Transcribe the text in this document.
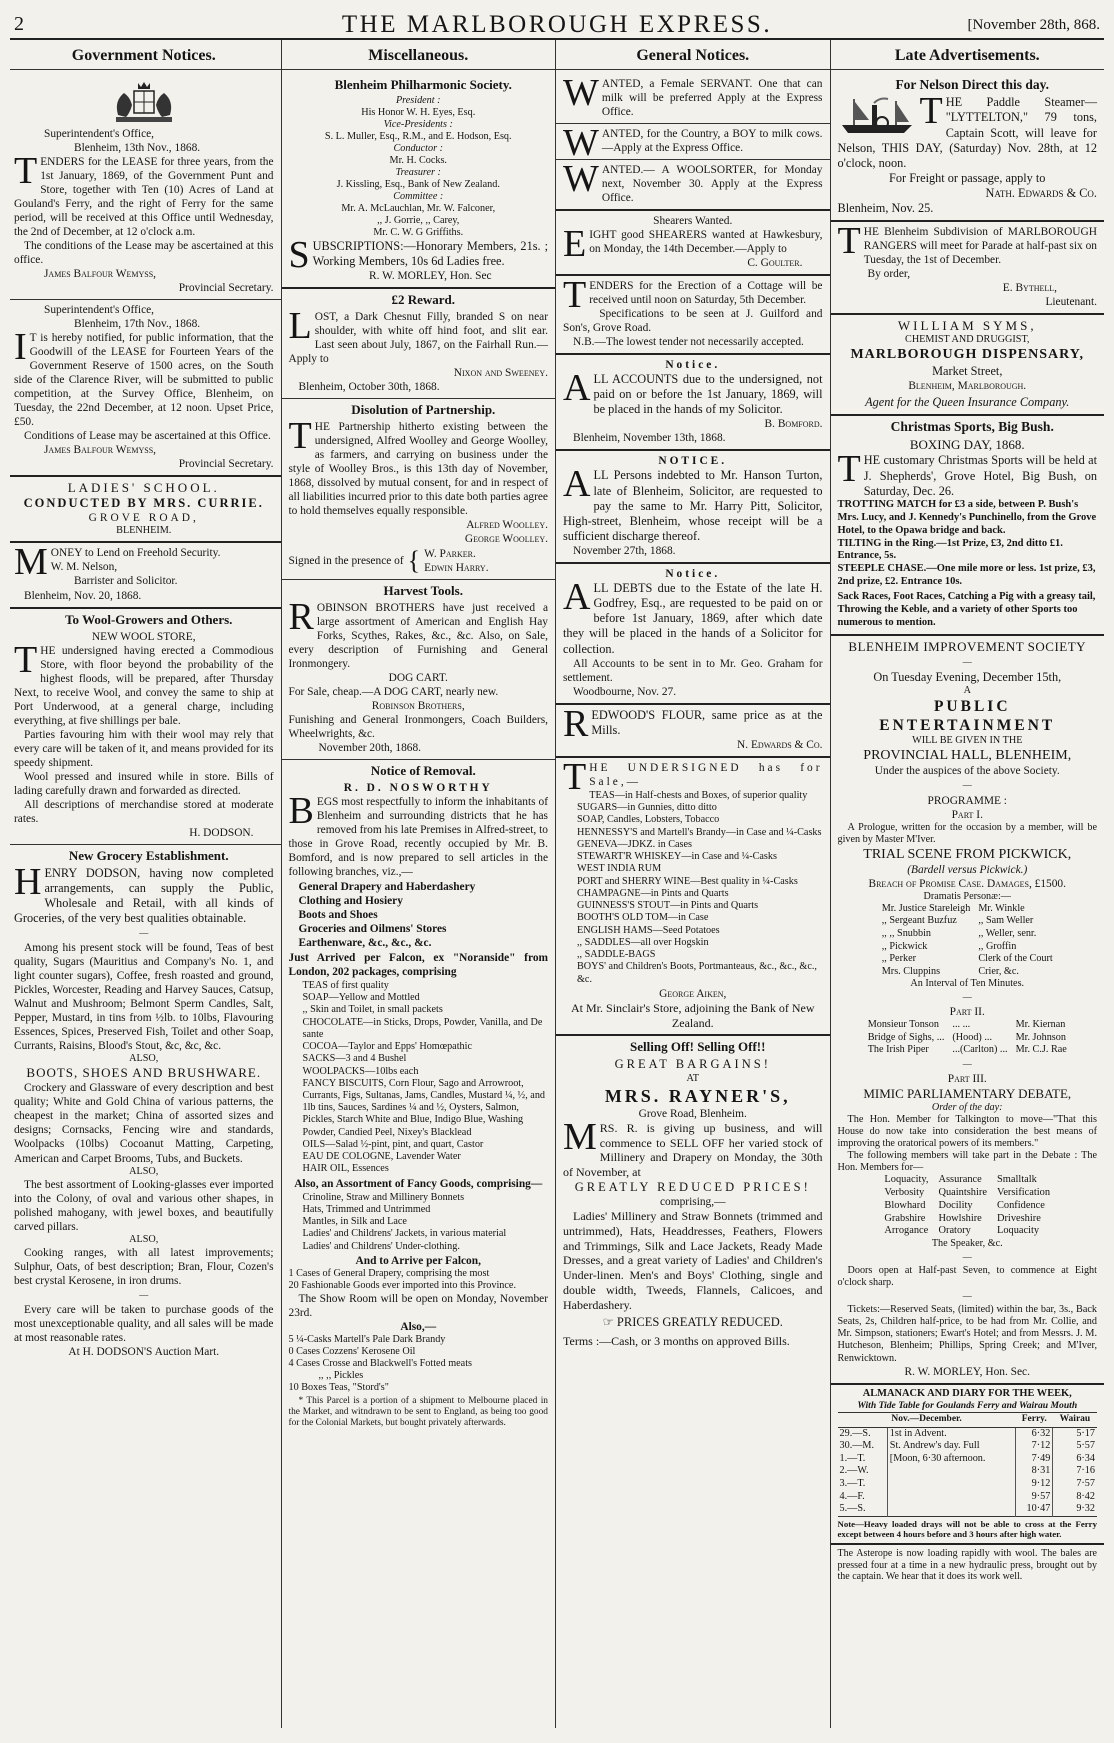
2	THE MARLBOROUGH EXPRESS.	[November 28th, 868.
Government Notices.

Superintendent's Office,

Blenheim, 13th Nov., 1868.

TENDERS for the LEASE for three years, from the 1st January, 1869, of the Government Punt and Store, together with Ten (10) Acres of Land at Gouland's Ferry, and the right of Ferry for the same period, will be received at this Office until Wednesday, the 2nd of December, at 12 o'clock a.m.

The conditions of the Lease may be ascertained at this office.

James Balfour Wemyss,

Provincial Secretary.

Superintendent's Office,

Blenheim, 17th Nov., 1868.

I T is hereby notified, for public information, that the Goodwill of the LEASE for Fourteen Years of the Government Reserve of 1500 acres, on the South side of the Clarence River, will be submitted to public competition, at the Survey Office, Blenheim, on Tuesday, the 22nd December, at 12 noon. Upset Price, £50.

Conditions of Lease may be ascertained at this Office.

James Balfour Wemyss,

Provincial Secretary.

LADIES' SCHOOL.

CONDUCTED BY MRS. CURRIE.

GROVE ROAD,

BLENHEIM.

MONEY to Lend on Freehold Security.

W. M. Nelson,

Barrister and Solicitor.

Blenheim, Nov. 20, 1868.

To Wool-Growers and Others.

NEW WOOL STORE,

THE undersigned having erected a Commodious Store, with floor beyond the probability of the highest floods, will be prepared, after Thursday Next, to receive Wool, and convey the same to ship at Port Underwood, at a general charge, including everything, at five shillings per bale.

Parties favouring him with their wool may rely that every care will be taken of it, and means provided for its speedy shipment.

Wool pressed and insured while in store. Bills of lading carefully drawn and forwarded as directed.

All descriptions of merchandise stored at moderate rates.

H. DODSON.

New Grocery Establishment.

HENRY DODSON, having now completed arrangements, can supply the Public, Wholesale and Retail, with all kinds of Groceries, of the very best qualities obtainable.

—

Among his present stock will be found, Teas of best quality, Sugars (Mauritius and Company's No. 1, and light counter sugars), Coffee, fresh roasted and ground, Pickles, Worcester, Reading and Harvey Sauces, Catsup, Walnut and Mushroom; Belmont Sperm Candles, Salt, Pepper, Mustard, in tins from ½lb. to 10lbs, Flavouring Essences, Spices, Preserved Fish, Toilet and other Soap, Currants, Raisins, Blood's Stout, &c, &c, &c.

ALSO,

BOOTS, SHOES AND BRUSHWARE.

Crockery and Glassware of every description and best quality; White and Gold China of various patterns, the cheapest in the market; China of assorted sizes and designs; Cornsacks, Fencing wire and standards, Woolpacks (10lbs) Cocoanut Matting, Carpeting, American and Carpet Brooms, Tubs, and Buckets.

ALSO,

The best assortment of Looking-glasses ever imported into the Colony, of oval and various other shapes, in polished mahogany, with jewel boxes, and beautifully carved pillars.

ALSO,

Cooking ranges, with all latest improvements; Sulphur, Oats, of best description; Bran, Flour, Cozen's best crystal Kerosene, in iron drums.

—

Every care will be taken to purchase goods of the most unexceptionable quality, and all sales will be made at most reasonable rates.

At H. DODSON'S Auction Mart.

Miscellaneous.

Blenheim Philharmonic Society.

President :
His Honor W. H. Eyes, Esq.
Vice-Presidents :
S. L. Muller, Esq., R.M., and E. Hodson, Esq.
Conductor :
Mr. H. Cocks.
Treasurer :
J. Kissling, Esq., Bank of New Zealand.
Committee :
Mr. A. McLauchlan, Mr. W. Falconer,
,, J. Gorrie, ,, Carey,
Mr. C. W. G Griffiths.

SUBSCRIPTIONS:—Honorary Members, 21s. ; Working Members, 10s 6d Ladies free.

R. W. MORLEY, Hon. Sec

£2 Reward.

LOST, a Dark Chesnut Filly, branded S on near shoulder, with white off hind foot, and slit ear. Last seen about July, 1867, on the Fairhall Run.—Apply to

Nixon and Sweeney.

Blenheim, October 30th, 1868.

Disolution of Partnership.

THE Partnership hitherto existing between the undersigned, Alfred Woolley and George Woolley, as farmers, and carrying on business under the style of Woolley Bros., is this 13th day of November, 1868, dissolved by mutual consent, for and in respect of all liabilities incurred prior to this date both parties agree to hold themselves equally responsible.

Alfred Woolley.

George Woolley.

Signed in the presence of { W. Parker.
Edwin Harry.

Harvest Tools.

ROBINSON BROTHERS have just received a large assortment of American and English Hay Forks, Scythes, Rakes, &c., &c. Also, on Sale, every description of Furnishing and General Ironmongery.

DOG CART.

For Sale, cheap.—A DOG CART, nearly new.

Robinson Brothers,

Funishing and General Ironmongers, Coach Builders, Wheelwrights, &c.

November 20th, 1868.

Notice of Removal.

R. D. NOSWORTHY

BEGS most respectfully to inform the inhabitants of Blenheim and surrounding districts that he has removed from his late Premises in Alfred-street, to those in Grove Road, recently occupied by Mr. B. Bomford, and is now prepared to sell articles in the following branches, viz.,—

General Drapery and Haberdashery
Clothing and Hosiery
Boots and Shoes
Groceries and Oilmens' Stores
Earthenware, &c., &c., &c.

Just Arrived per Falcon, ex "Noranside" from London, 202 packages, comprising

TEAS of first quality
SOAP—Yellow and Mottled
,, Skin and Toilet, in small packets
CHOCOLATE—in Sticks, Drops, Powder, Vanilla, and De sante
COCOA—Taylor and Epps' Homœpathic
SACKS—3 and 4 Bushel
WOOLPACKS—10lbs each
FANCY BISCUITS, Corn Flour, Sago and Arrowroot, Currants, Figs, Sultanas, Jams, Candles, Mustard ¼, ½, and 1lb tins, Sauces, Sardines ¼ and ½, Oysters, Salmon, Pickles, Starch White and Blue, Indigo Blue, Washing Powder, Candied Peel, Nixey's Blacklead
OILS—Salad ½-pint, pint, and quart, Castor
EAU DE COLOGNE, Lavender Water
HAIR OIL, Essences

Also, an Assortment of Fancy Goods, comprising—

Crinoline, Straw and Millinery Bonnets
Hats, Trimmed and Untrimmed
Mantles, in Silk and Lace
Ladies' and Childrens' Jackets, in various material
Ladies' and Childrens' Under-clothing.

And to Arrive per Falcon,

1 Cases of General Drapery, comprising the most

20 Fashionable Goods ever imported into this Province.

The Show Room will be open on Monday, November 23rd.

Also,—

5 ¼-Casks Martell's Pale Dark Brandy

0 Cases Cozzens' Kerosene Oil

4 Cases Crosse and Blackwell's Fotted meats

,, ,, Pickles

10 Boxes Teas, "Stord's"

* This Parcel is a portion of a shipment to Melbourne placed in the Market, and witndrawn to be sent to England, as being too good for the Colonial Markets, but bought privately afterwards.

General Notices.

WANTED, a Female SERVANT. One that can milk will be preferred Apply at the Express Office.

WANTED, for the Country, a BOY to milk cows.—Apply at the Express Office.

WANTED.— A WOOLSORTER, for Monday next, November 30. Apply at the Express Office.

Shearers Wanted.

EIGHT good SHEARERS wanted at Hawkesbury, on Monday, the 14th December.—Apply to

C. Goulter.

TENDERS for the Erection of a Cottage will be received until noon on Saturday, 5th December.

Specifications to be seen at J. Guilford and Son's, Grove Road.

N.B.—The lowest tender not necessarily accepted.

Notice.

ALL ACCOUNTS due to the undersigned, not paid on or before the 1st January, 1869, will be placed in the hands of my Solicitor.

B. Bomford.

Blenheim, November 13th, 1868.

NOTICE.

ALL Persons indebted to Mr. Hanson Turton, late of Blenheim, Solicitor, are requested to pay the same to Mr. Harry Pitt, Solicitor, High-street, Blenheim, whose receipt will be a sufficient discharge thereof.

November 27th, 1868.

Notice.

ALL DEBTS due to the Estate of the late H. Godfrey, Esq., are requested to be paid on or before 1st January, 1869, after which date they will be placed in the hands of a Solicitor for collection.

All Accounts to be sent in to Mr. Geo. Graham for settlement.

Woodbourne, Nov. 27.

REDWOOD'S FLOUR, same price as at the Mills.

N. Edwards & Co.

THE UNDERSIGNED has for Sale,—

TEAS—in Half-chests and Boxes, of superior quality
SUGARS—in Gunnies, ditto ditto
SOAP, Candles, Lobsters, Tobacco
HENNESSY'S and Martell's Brandy—in Case and ¼-Casks
GENEVA—JDKZ. in Cases
STEWART'R WHISKEY—in Case and ¼-Casks
WEST INDIA RUM
PORT and SHERRY WINE—Best quality in ¼-Casks
CHAMPAGNE—in Pints and Quarts
GUINNESS'S STOUT—in Pints and Quarts
BOOTH'S OLD TOM—in Case
ENGLISH HAMS—Seed Potatoes
,, SADDLES—all over Hogskin
,, SADDLE-BAGS
BOYS' and Children's Boots, Portmanteaus, &c., &c., &c., &c.

George Aiken,

At Mr. Sinclair's Store, adjoining the Bank of New Zealand.

Selling Off! Selling Off!!

GREAT BARGAINS!

AT

MRS. RAYNER'S,

Grove Road, Blenheim.

MRS. R. is giving up business, and will commence to SELL OFF her varied stock of Millinery and Drapery on Monday, the 30th of November, at

GREATLY REDUCED PRICES!

comprising,—

Ladies' Millinery and Straw Bonnets (trimmed and untrimmed), Hats, Headdresses, Feathers, Flowers and Trimmings, Silk and Lace Jackets, Ready Made Dresses, and a great variety of Ladies' and Children's Under-linen. Men's and Boys' Clothing, single and double width, Tweeds, Flannels, Calicoes, and Haberdashery.

☞ PRICES GREATLY REDUCED.

Terms :—Cash, or 3 months on approved Bills.

Late Advertisements.

For Nelson Direct this day.

THE Paddle Steamer— "LYTTELTON," 79 tons, Captain Scott, will leave for Nelson, THIS DAY, (Saturday) Nov. 28th, at 12 o'clock, noon.

For Freight or passage, apply to

Nath. Edwards & Co.

Blenheim, Nov. 25.

THE Blenheim Subdivision of MARLBOROUGH RANGERS will meet for Parade at half-past six on Tuesday, the 1st of December.

By order,

E. Bythell,

Lieutenant.

WILLIAM SYMS,

CHEMIST AND DRUGGIST,

MARLBOROUGH DISPENSARY,

Market Street,

Blenheim, Marlborough.

Agent for the Queen Insurance Company.

Christmas Sports, Big Bush.

BOXING DAY, 1868.

THE customary Christmas Sports will be held at J. Shepherds', Grove Hotel, Big Bush, on Saturday, Dec. 26.

TROTTING MATCH for £3 a side, between P. Bush's Mrs. Lucy, and J. Kennedy's Punchinello, from the Grove Hotel, to the Opawa bridge and back.

TILTING in the Ring.—1st Prize, £3, 2nd ditto £1. Entrance, 5s.

STEEPLE CHASE.—One mile more or less. 1st prize, £3, 2nd prize, £2. Entrance 10s.

Sack Races, Foot Races, Catching a Pig with a greasy tail, Throwing the Keble, and a variety of other Sports too numerous to mention.

BLENHEIM IMPROVEMENT SOCIETY

—

On Tuesday Evening, December 15th,

A

PUBLIC ENTERTAINMENT

WILL BE GIVEN IN THE

PROVINCIAL HALL, BLENHEIM,

Under the auspices of the above Society.

—

PROGRAMME :

Part I.

A Prologue, written for the occasion by a member, will be given by Master M'Iver.

TRIAL SCENE FROM PICKWICK,

(Bardell versus Pickwick.)

Breach of Promise Case. Damages, £1500.

Dramatis Personæ:—

Mr. Justice Stareleigh	Mr. Winkle
,, Sergeant Buzfuz	,, Sam Weller
,, ,, Snubbin	,, Weller, senr.
,, Pickwick	,, Groffin
,, Perker	Clerk of the Court
Mrs. Cluppins	Crier, &c.

An Interval of Ten Minutes.

—

Part II.

Monsieur Tonson	... ...	Mr. Kiernan
Bridge of Sighs, ...	(Hood) ...	Mr. Johnson
The Irish Piper	...(Carlton) ...	Mr. C.J. Rae
—

Part III.

MIMIC PARLIAMENTARY DEBATE,

Order of the day:

The Hon. Member for Talkington to move—"That this House do now take into consideration the best means of improving the oratorical powers of its members."

The following members will take part in the Debate : The Hon. Members for—

Loquacity,	Assurance	Smalltalk
Verbosity	Quaintshire	Versification
Blowhard	Docility	Confidence
Grabshire	Howlshire	Driveshire
Arrogance	Oratory	Loquacity

The Speaker, &c.

—

Doors open at Half-past Seven, to commence at Eight o'clock sharp.

—

Tickets:—Reserved Seats, (limited) within the bar, 3s., Back Seats, 2s, Children half-price, to be had from Mr. Collie, and Mr. Simpson, stationers; Ewart's Hotel; and from Messrs. J. M. Hutcheson, Blenheim; Phillips, Spring Creek; and M'Iver, Renwicktown.

R. W. MORLEY, Hon. Sec.

ALMANACK AND DIARY FOR THE WEEK,

With Tide Table for Goulands Ferry and Wairau Mouth

Nov.—December.		Ferry.	Wairau
29.—S.	1st in Advent.	6·32	5·17
30.—M.	St. Andrew's day. Full	7·12	5·57
1.—T.	[Moon, 6·30 afternoon.	7·49	6·34
2.—W.		8·31	7·16
3.—T.		9·12	7·57
4.—F.		9·57	8·42
5.—S.		10·47	9·32

Note—Heavy loaded drays will not be able to cross at the Ferry except between 4 hours before and 3 hours after high water.

The Asterope is now loading rapidly with wool. The bales are pressed four at a time in a new hydraulic press, brought out by the captain. We hear that it does its work well.
